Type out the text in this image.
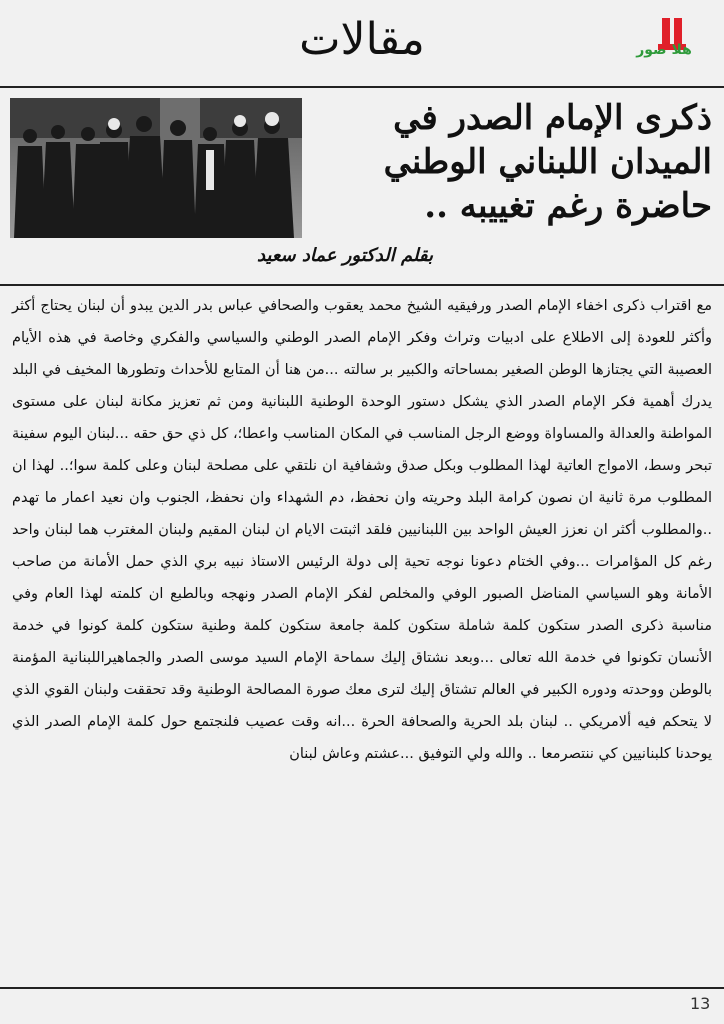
مقالات	هلا صور
ذكرى الإمام الصدر في الميدان اللبناني الوطني حاضرة رغم تغييبه ..
بقلم الدكتور عماد سعيد
مع اقتراب ذكرى اخفاء الإمام الصدر ورفيقيه الشيخ محمد يعقوب والصحافي عباس بدر الدين يبدو أن لبنان يحتاج أكثر وأكثر للعودة إلى الاطلاع على ادبيات وتراث وفكر الإمام الصدر الوطني والسياسي والفكري وخاصة في هذه الأيام العصيبة التي يجتازها الوطن الصغير بمساحاته والكبير بر سالته ...من هنا أن المتابع للأحداث وتطورها المخيف في البلد يدرك أهمية فكر الإمام الصدر الذي يشكل دستور الوحدة الوطنية اللبنانية ومن ثم تعزيز مكانة لبنان على مستوى المواطنة والعدالة والمساواة ووضع الرجل المناسب في المكان المناسب واعطا؛، كل ذي حق حقه ...لبنان اليوم سفينة تبحر وسط، الامواج العاتية لهذا المطلوب وبكل صدق وشفافية ان نلتقي على مصلحة لبنان وعلى كلمة سوا؛.. لهذا ان المطلوب مرة ثانية ان نصون كرامة البلد وحريته وان نحفظ، دم الشهداء وان نحفظ، الجنوب وان نعيد اعمار ما تهدم ..والمطلوب أكثر ان نعزز العيش الواحد بين اللبنانيين فلقد اثبتت الايام ان لبنان المقيم ولبنان المغترب هما لبنان واحد رغم كل المؤامرات ...وفي الختام دعونا نوجه تحية إلى دولة الرئيس الاستاذ نبيه بري الذي حمل الأمانة من صاحب الأمانة وهو السياسي المناضل الصبور الوفي والمخلص لفكر الإمام الصدر ونهجه وبالطبع ان كلمته لهذا العام وفي مناسبة ذكرى الصدر ستكون كلمة شاملة ستكون كلمة جامعة ستكون كلمة وطنية ستكون كلمة كونوا في خدمة الأنسان تكونوا في خدمة الله تعالى ...وبعد نشتاق إليك سماحة الإمام السيد موسى الصدر والجماهيراللبنانية المؤمنة بالوطن ووحدته ودوره الكبير في العالم تشتاق إليك لترى معك صورة المصالحة الوطنية وقد تحققت ولبنان القوي الذي لا يتحكم فيه ألامريكي .. لبنان بلد الحرية والصحافة الحرة ...انه وقت عصيب فلنجتمع حول كلمة الإمام الصدر الذي يوحدنا كلبنانيين كي ننتصرمعا .. والله ولي التوفيق ...عشتم وعاش لبنان
13
